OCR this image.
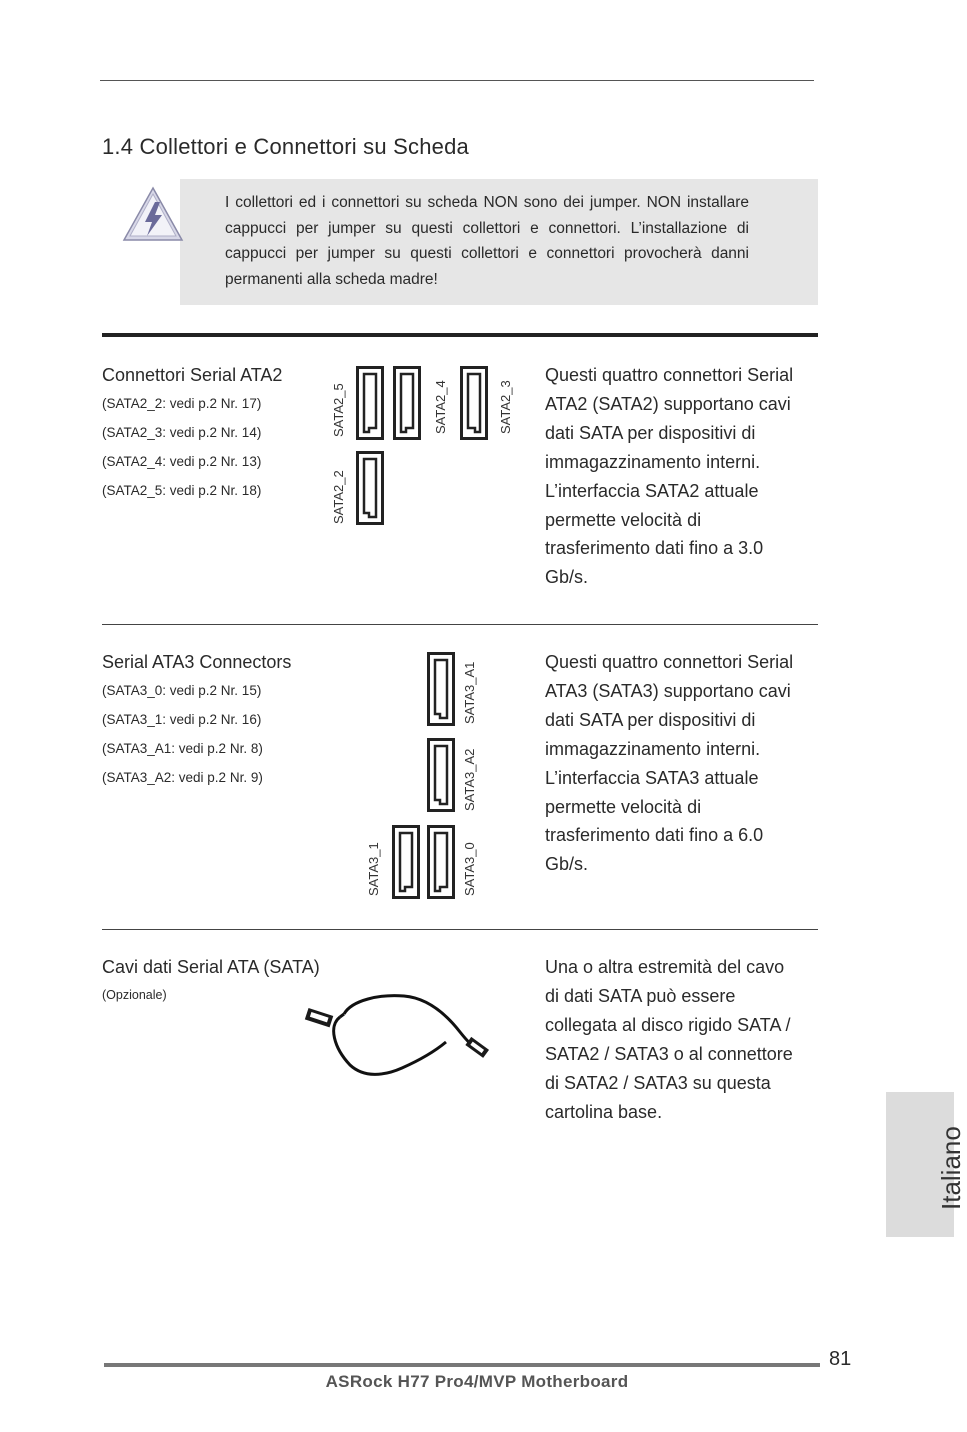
1.4 Collettori e Connettori su Scheda
I collettori ed i connettori su scheda NON sono dei jumper. NON installare cappucci per jumper su questi collettori e connettori. L’installazione di cappucci per jumper su questi collettori e connettori provocherà danni permanenti alla scheda madre!
Connettori Serial ATA2
(SATA2_2: vedi p.2 Nr. 17)
(SATA2_3: vedi p.2 Nr. 14)
(SATA2_4: vedi p.2 Nr. 13)
(SATA2_5: vedi p.2 Nr. 18)
SATA2_5	SATA2_4	SATA2_3
SATA2_2
Questi quattro connettori Serial
ATA2 (SATA2) supportano cavi
dati SATA per dispositivi di
immagazzinamento interni.
L’interfaccia SATA2 attuale
permette velocità di
trasferimento dati fino a 3.0
Gb/s.
Serial ATA3 Connectors
(SATA3_0: vedi p.2 Nr. 15)
(SATA3_1: vedi p.2 Nr. 16)
(SATA3_A1: vedi p.2 Nr. 8)
(SATA3_A2: vedi p.2 Nr. 9)
SATA3_A1
SATA3_A2
SATA3_1	SATA3_0
Questi quattro connettori Serial
ATA3 (SATA3) supportano cavi
dati SATA per dispositivi di
immagazzinamento interni.
L’interfaccia SATA3 attuale
permette velocità di
trasferimento dati fino a 6.0
Gb/s.
Cavi dati Serial ATA (SATA)
(Opzionale)
Una o altra estremità del cavo
di dati SATA può essere
collegata al disco rigido SATA /
SATA2 / SATA3 o al connettore
di SATA2 / SATA3 su questa
cartolina base.
Italiano
81
ASRock H77 Pro4/MVP Motherboard
